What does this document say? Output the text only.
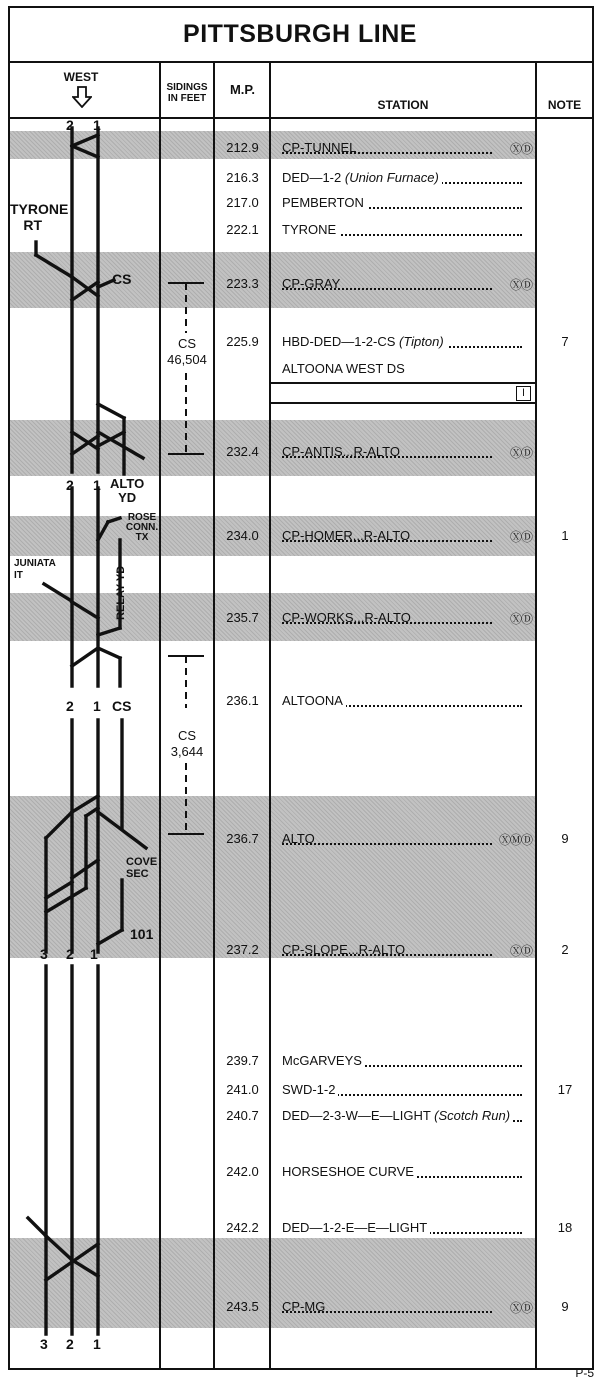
PITTSBURGH LINE
WEST
SIDINGS
IN FEET
M.P.
STATION	NOTE
Ⅰ
212.9	CP-TUNNEL	ⓍⒹ
216.3	DED—1-2 (Union Furnace)
217.0	PEMBERTON
222.1	TYRONE
223.3	CP-GRAY	ⓍⒹ
225.9	HBD-DED—1-2-CS (Tipton)	7
ALTOONA WEST DS
232.4	CP-ANTIS...R-ALTO	ⓍⒹ
234.0	CP-HOMER...R-ALTO	ⓍⒹ	1
235.7	CP-WORKS...R-ALTO	ⓍⒹ
236.1	ALTOONA
236.7	ALTO	ⓍⓂⒹ	9
237.2	CP-SLOPE...R-ALTO	ⓍⒹ	2
239.7	McGARVEYS
241.0	SWD-1-2	17
240.7	DED—2-3-W—E—LIGHT (Scotch Run)
242.0	HORSESHOE CURVE
242.2	DED—1-2-E—E—LIGHT	18
243.5	CP-MG	ⓍⒹ	9
CS
46,504
CS
3,644
2 1
TYRONE
RT
CS
2 1 ALTO
YD
ROSE
CONN.
TX
RELAY YD
JUNIATA
IT
2 1 CS
COVE
SEC
101
3 2 1
3 2 1
P-5
